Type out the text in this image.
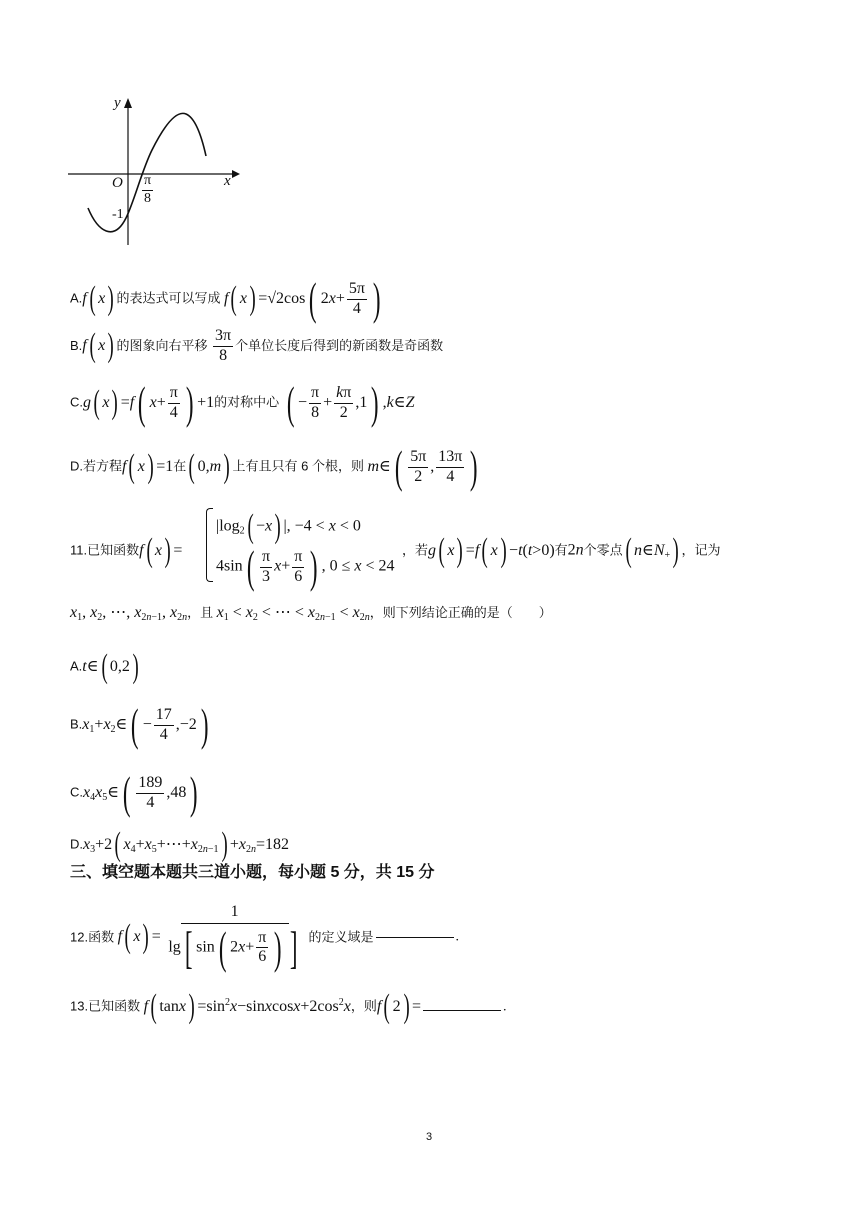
y
x
O $\frac{\pi}{8}$
-1
A.f( x) 的表达式可以写成 f( x) =√2cos( $2x+ \frac{5\pi}{4}$ )
B.f( x) 的图象向右平移 $\frac{3\pi}{8}$ 个单位长度后得到的新函数是奇函数
C.g( x) =f( $x+ \frac{\pi}{4}$ ) +1的对称中心 ( − $\frac{\pi}{8} + \frac{k\pi}{2} ,1$) ,k∈Z
D.若方程f( x) =1在( 0,m) 上有且只有 6 个根，则 m∈( $\frac{5\pi}{2}$ , $\frac{13\pi}{4}$ )
11.已知函数f( x) =
$|\log_2( -x)$ |, −4 < x < 0
$4\sin( \frac{\pi}{3} x+ \frac{\pi}{6}$ ) , 0 ≤ x < 24
，若g( x) =f( x) −t(t>0)有2n个零点( $n\in N_+$) ，记为
$x_1$, $x_2$, ⋯, $x_{2n-1}$, $x_{2n}$，且 $x_1 < x_2$ < ⋯ < $x_{2n-1} < x_{2n}$，则下列结论正确的是（　　）
A.t∈( 0,2)
$B.x_1+x_2\in( - \frac{17}{4} ,-2)$
$C.x_4x_5\in( \frac{189}{4} ,48)$
$D.x_3+2$( $x_4+x_5+\cdots+x_{2n-1}) +x_{2n}=182$
三、填空题本题共三道小题，每小题 5 分，共 15 分
12.函数 f( $x) = \frac{1}{\lg[ \sin( 2x+ \frac{\pi}{6} ) ]}$ 的定义域是	.
13.已知函数 f( $\tan x) =\sin^2x-sinxcosx+2\cos^2x$，则f( 2) =	.
3
